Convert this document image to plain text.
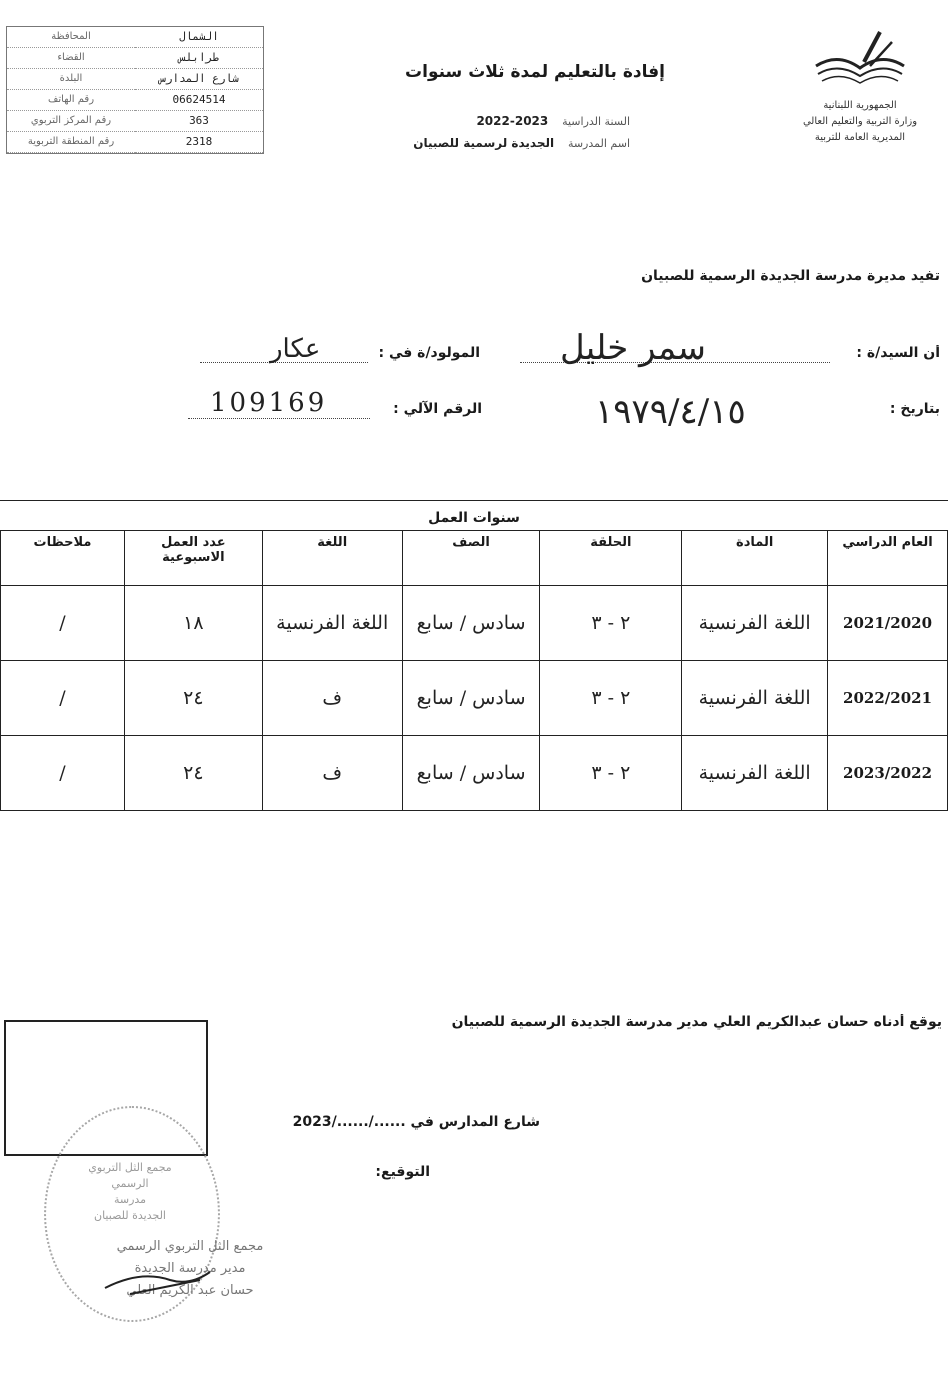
الشمال	المحافظة
طرابلس	القضاء
شارع المدارس	البلدة
06624514	رقم الهاتف
363	رقم المركز التربوي
2318	رقم المنطقة التربوية
إفادة بالتعليم لمدة ثلاث سنوات
السنة الدراسية 2023-2022
اسم المدرسة الجديدة لرسمية للصبيان
الجمهورية اللبنانية
وزارة التربية والتعليم العالي
المديرية العامة للتربية
تفيد مديرة مدرسة الجديدة الرسمية للصبيان
أن السيد/ة :
سمر خليل
المولود/ة في :
عكار
بتاريخ :
١٩٧٩/٤/١٥
الرقم الآلي :
109169
سنوات العمل
العام الدراسي	المادة	الحلقة	الصف	اللغة	عدد العمل الاسبوعية	ملاحظات
2021/2020	اللغة الفرنسية	٢ - ٣	سادس / سابع	اللغة الفرنسية	١٨	/
2022/2021	اللغة الفرنسية	٢ - ٣	سادس / سابع	ف	٢٤	/
2023/2022	اللغة الفرنسية	٢ - ٣	سادس / سابع	ف	٢٤	/
يوقع أدناه حسان عبدالكريم العلي مدير مدرسة الجديدة الرسمية للصبيان
شارع المدارس في ....../....../2023
التوقيع:
مجمع الثل التربوي الرسمي
مدرسة
الجديدة للصبيان
مجمع الثل التربوي الرسمي
مدير مدرسة الجديدة
حسان عبد الكريم العلي
